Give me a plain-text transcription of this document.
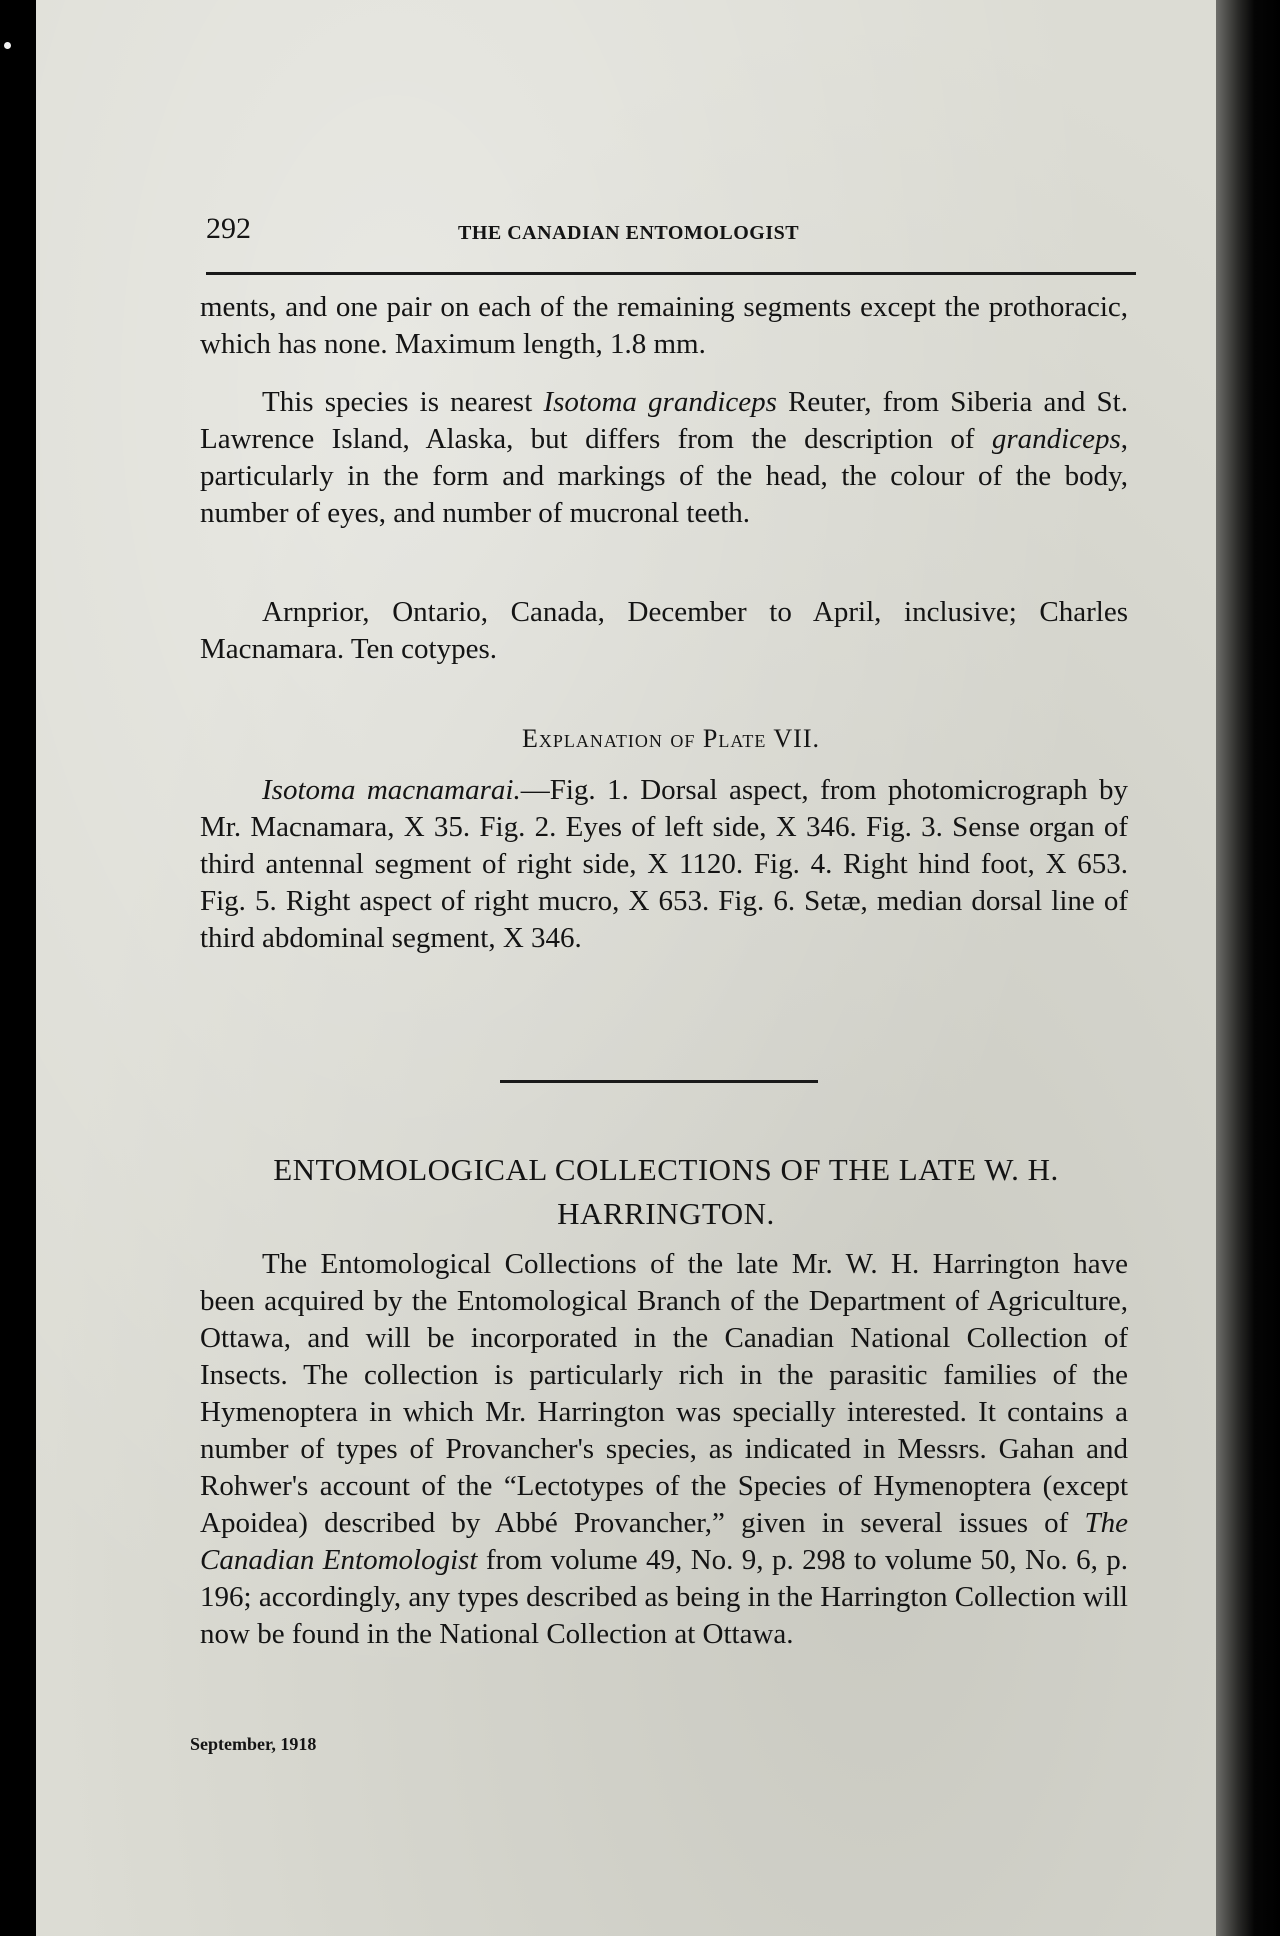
292	THE CANADIAN ENTOMOLOGIST

ments, and one pair on each of the remaining segments except the prothoracic, which has none. Maximum length, 1.8 mm.

This species is nearest Isotoma grandiceps Reuter, from Siberia and St. Lawrence Island, Alaska, but differs from the description of grandiceps, particularly in the form and markings of the head, the colour of the body, number of eyes, and number of mucronal teeth.

Arnprior, Ontario, Canada, December to April, inclusive; Charles Macnamara. Ten cotypes.

Explanation of Plate VII.

Isotoma macnamarai.—Fig. 1. Dorsal aspect, from photomicrograph by Mr. Macnamara, X 35. Fig. 2. Eyes of left side, X 346. Fig. 3. Sense organ of third antennal segment of right side, X 1120. Fig. 4. Right hind foot, X 653. Fig. 5. Right aspect of right mucro, X 653. Fig. 6. Setæ, median dorsal line of third abdominal segment, X 346.

ENTOMOLOGICAL COLLECTIONS OF THE LATE W. H.
HARRINGTON.

The Entomological Collections of the late Mr. W. H. Harrington have been acquired by the Entomological Branch of the Department of Agriculture, Ottawa, and will be incorporated in the Canadian National Collection of Insects. The collection is particularly rich in the parasitic families of the Hymenoptera in which Mr. Harrington was specially interested. It contains a number of types of Provancher's species, as indicated in Messrs. Gahan and Rohwer's account of the “Lectotypes of the Species of Hymenoptera (except Apoidea) described by Abbé Provancher,” given in several issues of The Canadian Entomologist from volume 49, No. 9, p. 298 to volume 50, No. 6, p. 196; accordingly, any types described as being in the Harrington Collection will now be found in the National Collection at Ottawa.

September, 1918
